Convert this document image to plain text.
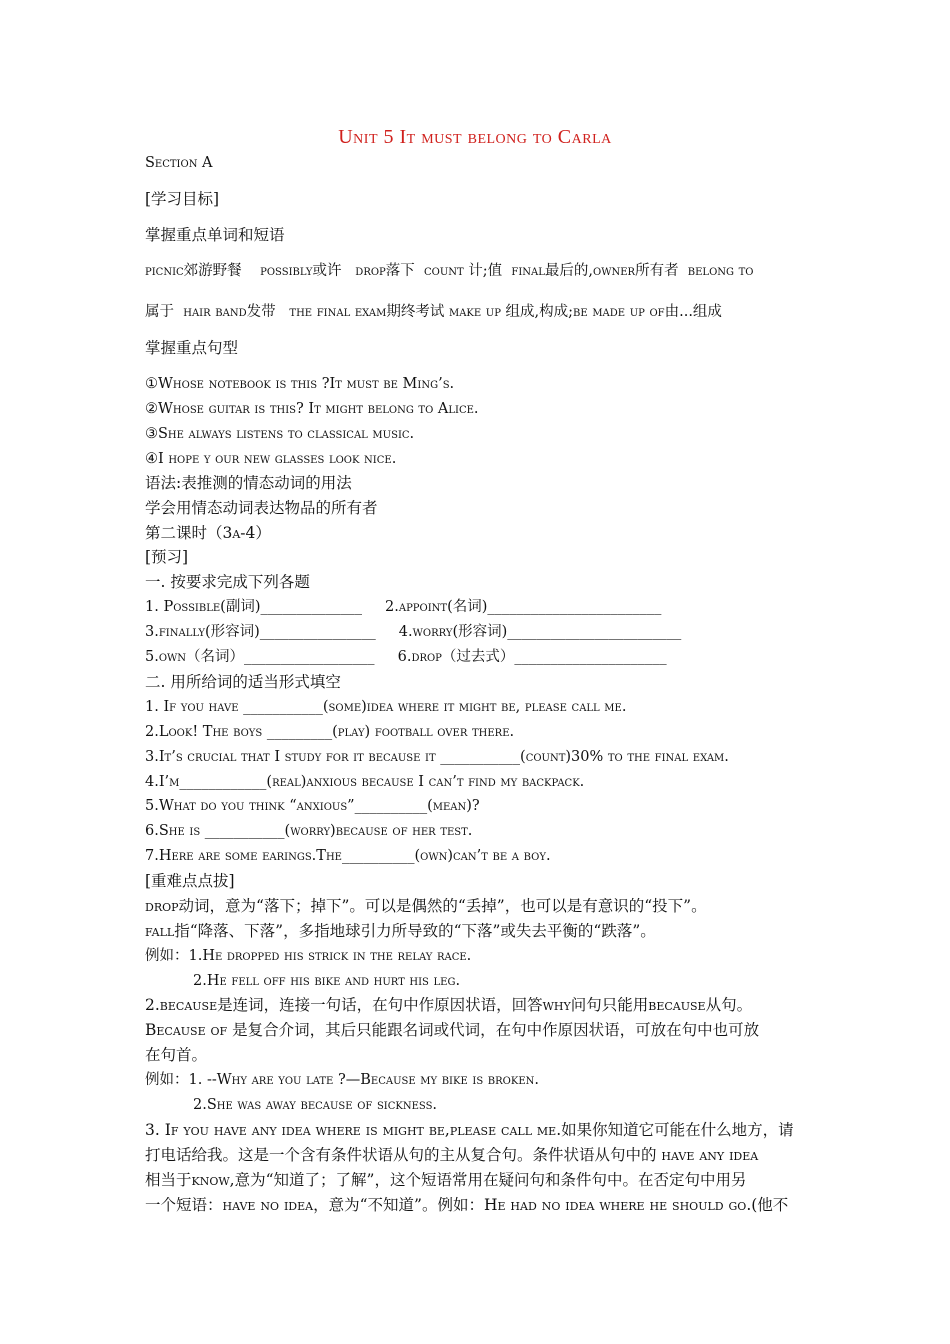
Unit 5 It must belong to Carla
Section A
[学习目标]
掌握重点单词和短语
picnic郊游野餐    possibly或许   drop落下  count 计;值  final最后的,owner所有者  belong to
属于  hair band发带   the final exam期终考试 make up 组成,构成;be made up of由...组成
掌握重点句型
①Whose notebook is this ?It must be Ming’s.
②Whose guitar is this? It might belong to Alice.
③She always listens to classical music.
④I hope y our new glasses look nice.
语法:表推测的情态动词的用法
学会用情态动词表达物品的所有者
第二课时（3a-4）
[预习]
一. 按要求完成下列各题
1. Possible(副词)______________     2.appoint(名词)________________________
3.finally(形容词)________________     4.worry(形容词)________________________
5.own（名词）__________________     6.drop（过去式）_____________________
二. 用所给词的适当形式填空
1. If you have ___________(some)idea where it might be, please call me.
2.Look! The boys _________(play) football over there.
3.It’s crucial that I study for it because it ___________(count)30% to the final exam.
4.I’m____________(real)anxious because I can’t find my backpack.
5.What do you think “anxious”__________(mean)?
6.She is ___________(worry)because of her test.
7.Here are some earings.The__________(own)can’t be a boy.
[重难点点拔]
drop动词，意为“落下；掉下”。可以是偶然的“丢掉”，也可以是有意识的“投下”。
fall指“降落、下落”，多指地球引力所导致的“下落”或失去平衡的“跌落”。
例如：1.He dropped his strick in the relay race.
2.He fell off his bike and hurt his leg.
2.because是连词，连接一句话，在句中作原因状语，回答why问句只能用because从句。
Because of 是复合介词，其后只能跟名词或代词，在句中作原因状语，可放在句中也可放
在句首。
例如：1. --Why are you late ?—Because my bike is broken.
2.She was away because of sickness.
3. If you have any idea where is might be,please call me.如果你知道它可能在什么地方，请
打电话给我。这是一个含有条件状语从句的主从复合句。条件状语从句中的 have any idea
相当于know,意为“知道了；了解”，这个短语常用在疑问句和条件句中。在否定句中用另
一个短语：have no idea，意为“不知道”。例如：He had no idea where he should go.(他不
